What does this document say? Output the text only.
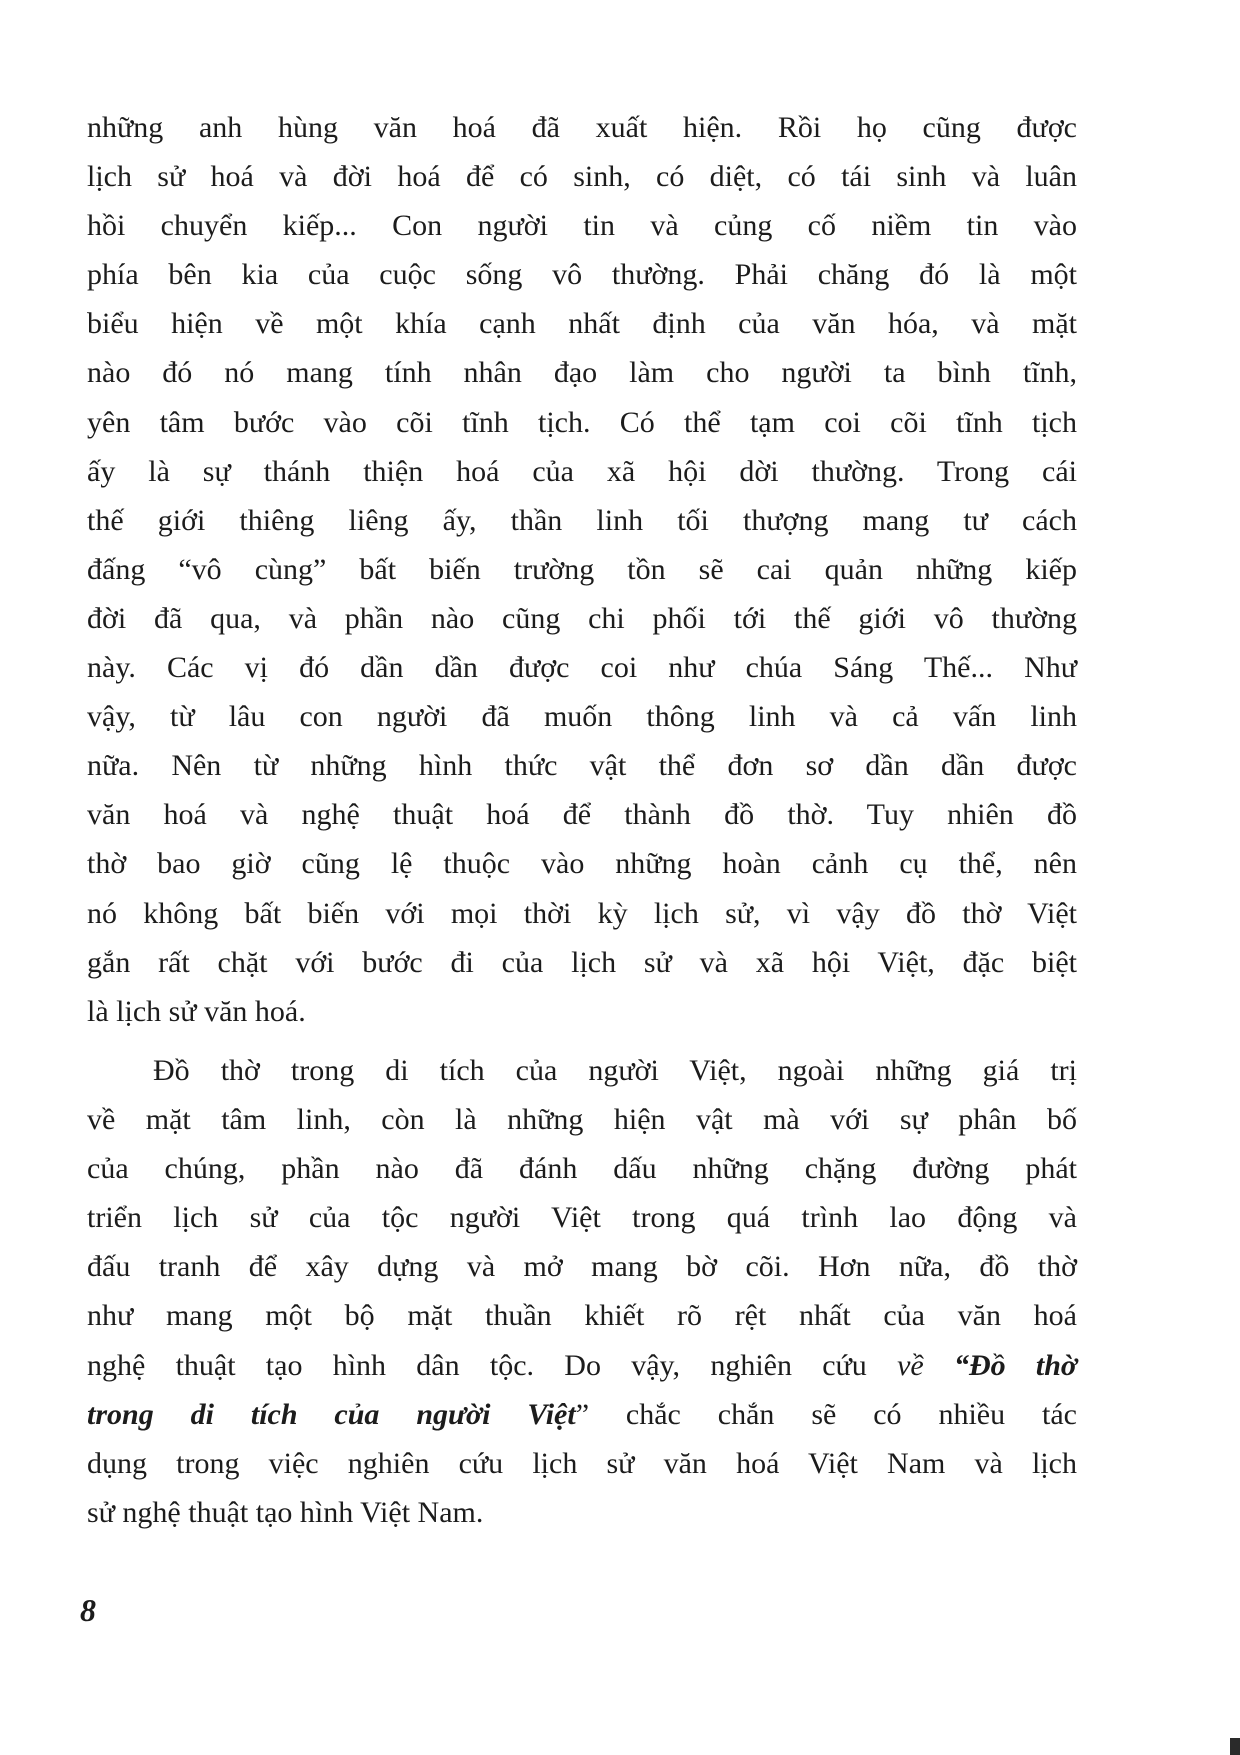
những anh hùng văn hoá đã xuất hiện. Rồi họ cũng được
lịch sử hoá và đời hoá để có sinh, có diệt, có tái sinh và luân
hồi chuyển kiếp... Con người tin và củng cố niềm tin vào
phía bên kia của cuộc sống vô thường. Phải chăng đó là một
biểu hiện về một khía cạnh nhất định của văn hóa, và mặt
nào đó nó mang tính nhân đạo làm cho người ta bình tĩnh,
yên tâm bước vào cõi tĩnh tịch. Có thể tạm coi cõi tĩnh tịch
ấy là sự thánh thiện hoá của xã hội dời thường. Trong cái
thế giới thiêng liêng ấy, thần linh tối thượng mang tư cách
đấng “vô cùng” bất biến trường tồn sẽ cai quản những kiếp
đời đã qua, và phần nào cũng chi phối tới thế giới vô thường
này. Các vị đó dần dần được coi như chúa Sáng Thế... Như
vậy, từ lâu con người đã muốn thông linh và cả vấn linh
nữa. Nên từ những hình thức vật thể đơn sơ dần dần được
văn hoá và nghệ thuật hoá để thành đồ thờ. Tuy nhiên đồ
thờ bao giờ cũng lệ thuộc vào những hoàn cảnh cụ thể, nên
nó không bất biến với mọi thời kỳ lịch sử, vì vậy đồ thờ Việt
gắn rất chặt với bước đi của lịch sử và xã hội Việt, đặc biệt
là lịch sử văn hoá.
Đồ thờ trong di tích của người Việt, ngoài những giá trị
về mặt tâm linh, còn là những hiện vật mà với sự phân bố
của chúng, phần nào đã đánh dấu những chặng đường phát
triển lịch sử của tộc người Việt trong quá trình lao động và
đấu tranh để xây dựng và mở mang bờ cõi. Hơn nữa, đồ thờ
như mang một bộ mặt thuần khiết rõ rệt nhất của văn hoá
nghệ thuật tạo hình dân tộc. Do vậy, nghiên cứu về “Đồ thờ
trong di tích của người Việt” chắc chắn sẽ có nhiều tác
dụng trong việc nghiên cứu lịch sử văn hoá Việt Nam và lịch
sử nghệ thuật tạo hình Việt Nam.
8
